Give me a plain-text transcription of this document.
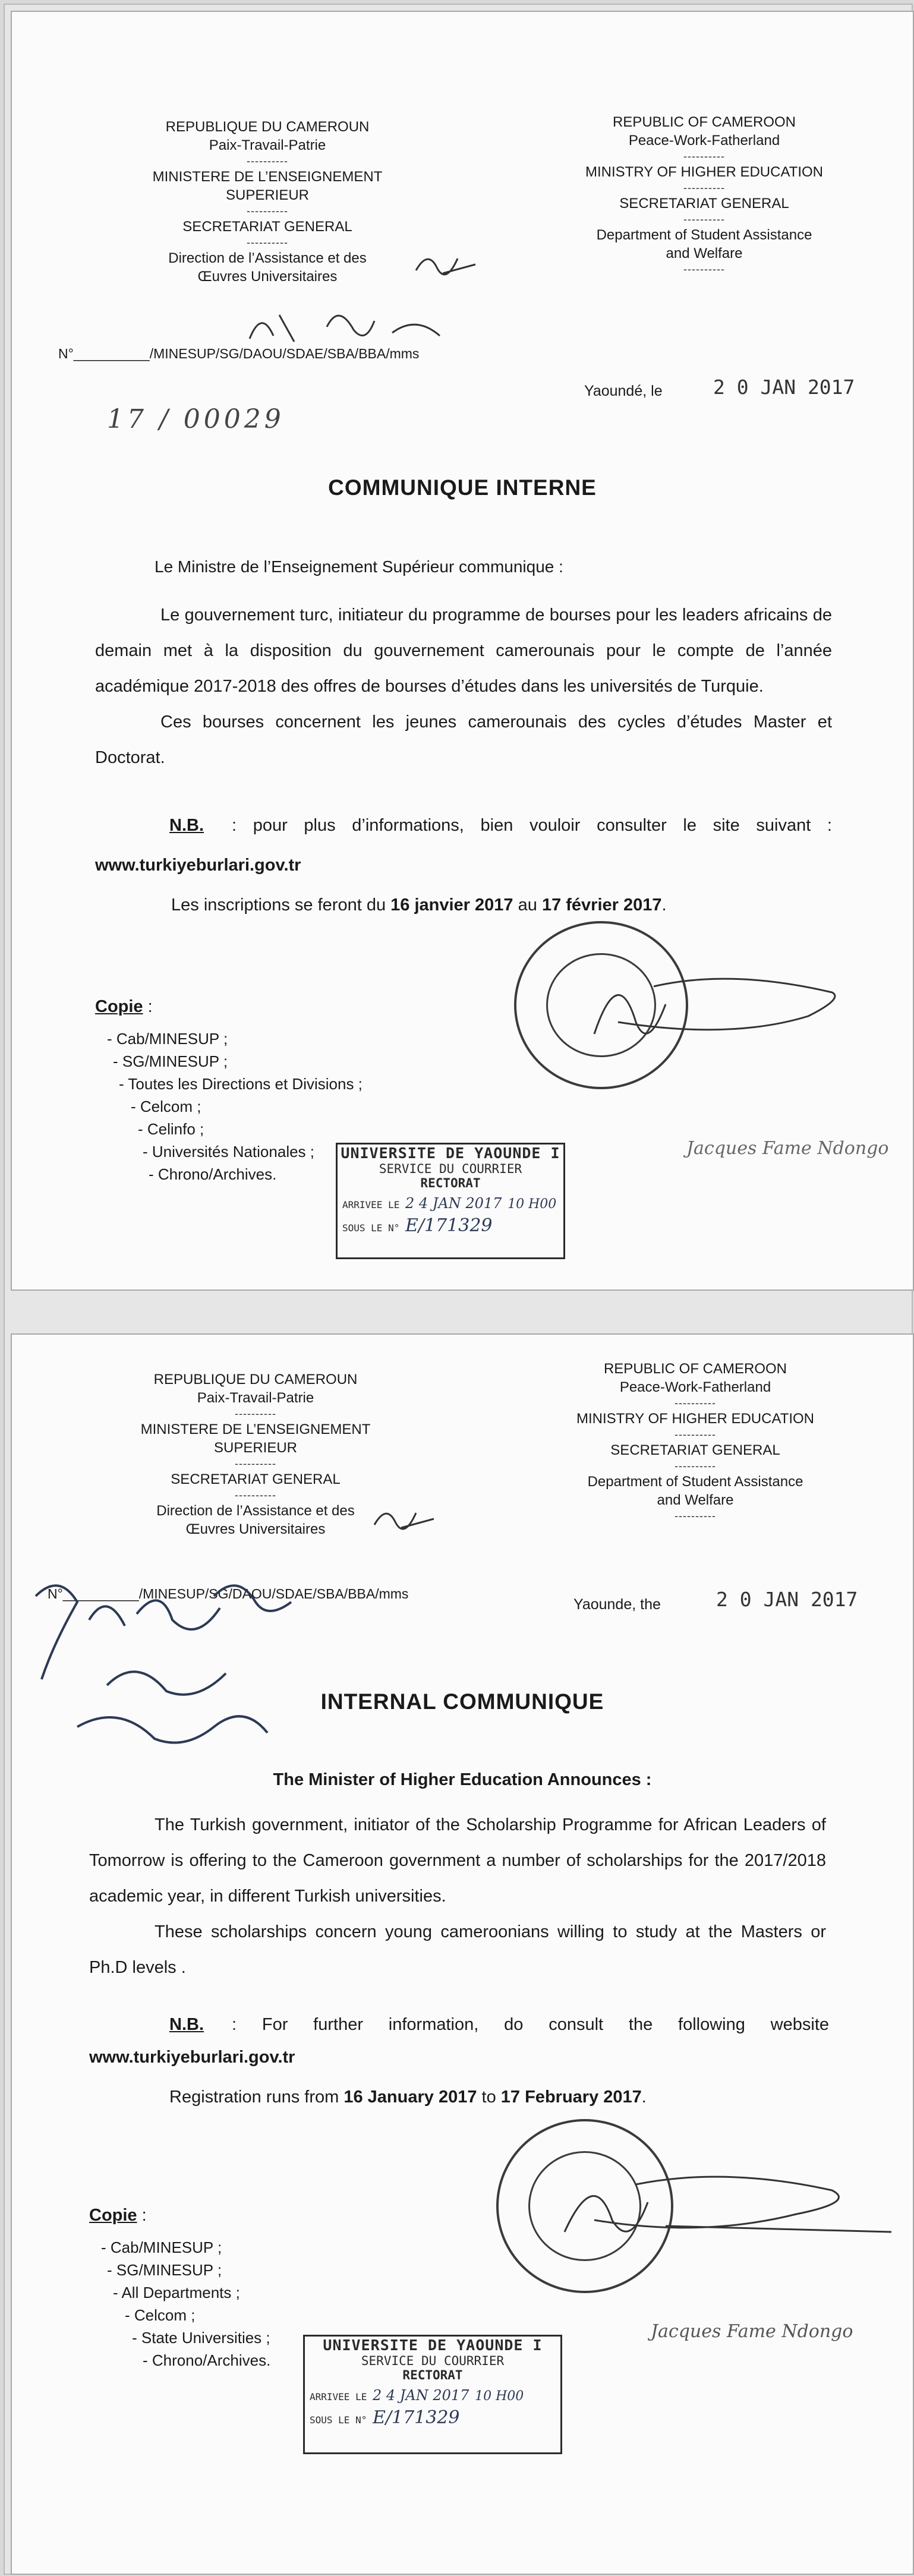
REPUBLIQUE DU CAMEROUN

Paix-Travail-Patrie

----------

MINISTERE DE L’ENSEIGNEMENT SUPERIEUR

----------

SECRETARIAT GENERAL

----------

Direction de l’Assistance et des Œuvres Universitaires

REPUBLIC OF CAMEROON

Peace-Work-Fatherland

----------

MINISTRY OF HIGHER EDUCATION

----------

SECRETARIAT GENERAL

----------

Department of Student Assistance and Welfare

----------

N°__________/MINESUP/SG/DAOU/SDAE/SBA/BBA/mms
17 / 00029
Yaoundé, le	2 0 JAN 2017
COMMUNIQUE INTERNE
Le Ministre de l’Enseignement Supérieur communique :

Le gouvernement turc, initiateur du programme de bourses pour les leaders africains de demain met à la disposition du gouvernement camerounais pour le compte de l’année académique 2017-2018 des offres de bourses d’études dans les universités de Turquie.

Ces bourses concernent les jeunes camerounais des cycles d’études Master et Doctorat.

N.B. : pour plus d’informations, bien vouloir consulter le site suivant :
www.turkiyeburlari.gov.tr
Les inscriptions se feront du 16 janvier 2017 au 17 février 2017.
Copie :
- Cab/MINESUP ;
- SG/MINESUP ;
- Toutes les Directions et Divisions ;
- Celcom ;
- Celinfo ;
- Universités Nationales ;
- Chrono/Archives.
UNIVERSITE DE YAOUNDE I
SERVICE DU COURRIER
RECTORAT
ARRIVEE LE 2 4 JAN 2017 10 H00
SOUS LE N° E/171329
Jacques Fame Ndongo

REPUBLIQUE DU CAMEROUN

Paix-Travail-Patrie

----------

MINISTERE DE L’ENSEIGNEMENT SUPERIEUR

----------

SECRETARIAT GENERAL

----------

Direction de l’Assistance et des Œuvres Universitaires

REPUBLIC OF CAMEROON

Peace-Work-Fatherland

----------

MINISTRY OF HIGHER EDUCATION

----------

SECRETARIAT GENERAL

----------

Department of Student Assistance and Welfare

----------

N°__________/MINESUP/SG/DAOU/SDAE/SBA/BBA/mms
Yaounde, the	2 0 JAN 2017
INTERNAL COMMUNIQUE
The Minister of Higher Education Announces :

The Turkish government, initiator of the Scholarship Programme for African Leaders of Tomorrow is offering to the Cameroon government a number of scholarships for the 2017/2018 academic year, in different Turkish universities.

These scholarships concern young cameroonians willing to study at the Masters or Ph.D levels .

N.B. : For further information, do consult the following website
www.turkiyeburlari.gov.tr
Registration runs from 16 January 2017 to 17 February 2017.
Copie :
- Cab/MINESUP ;
- SG/MINESUP ;
- All Departments ;
- Celcom ;
- State Universities ;
- Chrono/Archives.
UNIVERSITE DE YAOUNDE I
SERVICE DU COURRIER
RECTORAT
ARRIVEE LE 2 4 JAN 2017 10 H00
SOUS LE N° E/171329
Jacques Fame Ndongo
